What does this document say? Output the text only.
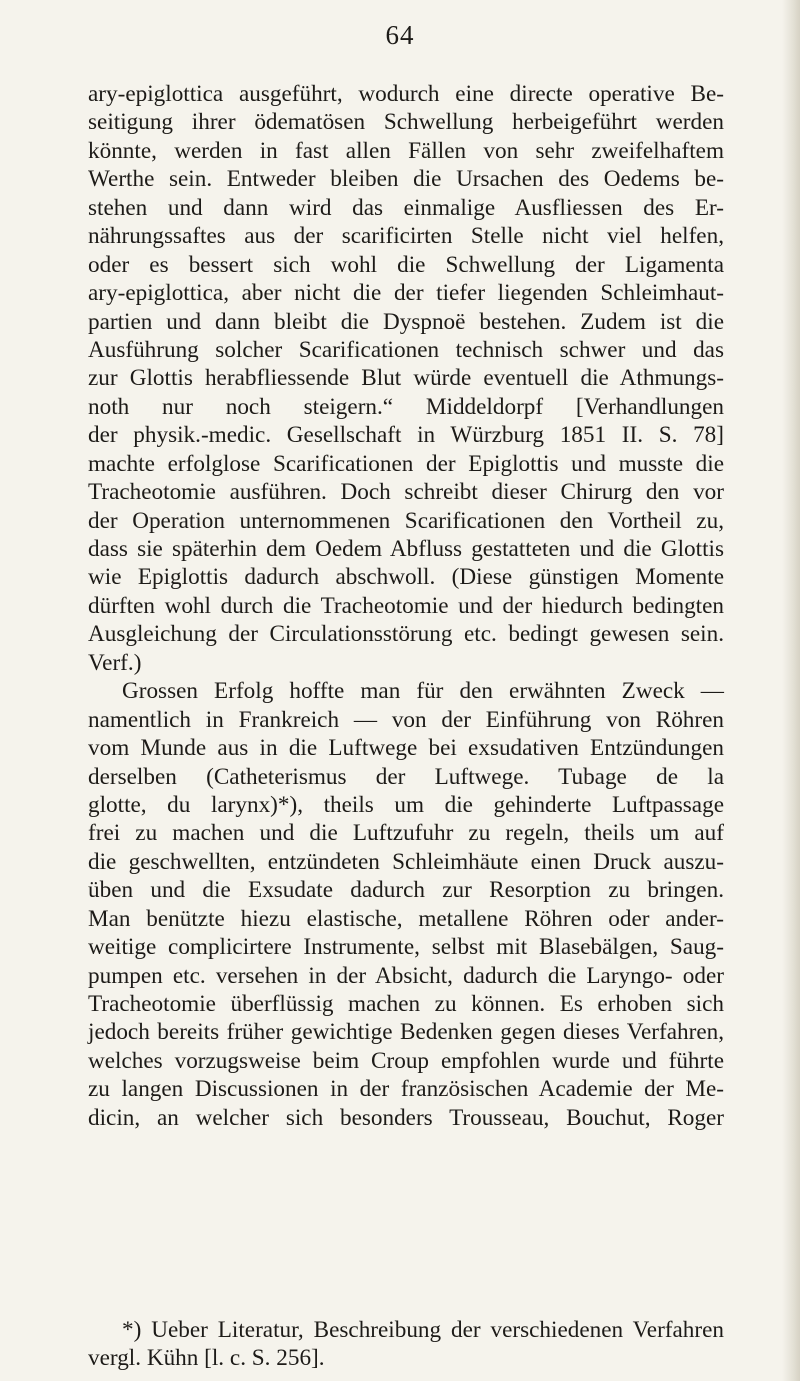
64
ary-epiglottica ausgeführt, wodurch eine directe operative Be-
seitigung ihrer ödematösen Schwellung herbeigeführt werden
könnte, werden in fast allen Fällen von sehr zweifelhaftem
Werthe sein. Entweder bleiben die Ursachen des Oedems be-
stehen und dann wird das einmalige Ausfliessen des Er-
nährungssaftes aus der scarificirten Stelle nicht viel helfen,
oder es bessert sich wohl die Schwellung der Ligamenta
ary-epiglottica, aber nicht die der tiefer liegenden Schleimhaut-
partien und dann bleibt die Dyspnoë bestehen. Zudem ist die
Ausführung solcher Scarificationen technisch schwer und das
zur Glottis herabfliessende Blut würde eventuell die Athmungs-
noth nur noch steigern.“ Middeldorpf [Verhandlungen
der physik.-medic. Gesellschaft in Würzburg 1851 II. S. 78]
machte erfolglose Scarificationen der Epiglottis und musste die
Tracheotomie ausführen. Doch schreibt dieser Chirurg den vor
der Operation unternommenen Scarificationen den Vortheil zu,
dass sie späterhin dem Oedem Abfluss gestatteten und die Glottis
wie Epiglottis dadurch abschwoll. (Diese günstigen Momente
dürften wohl durch die Tracheotomie und der hiedurch bedingten
Ausgleichung der Circulationsstörung etc. bedingt gewesen sein.
Verf.)
Grossen Erfolg hoffte man für den erwähnten Zweck —
namentlich in Frankreich — von der Einführung von Röhren
vom Munde aus in die Luftwege bei exsudativen Entzündungen
derselben (Catheterismus der Luftwege. Tubage de la
glotte, du larynx)*), theils um die gehinderte Luftpassage
frei zu machen und die Luftzufuhr zu regeln, theils um auf
die geschwellten, entzündeten Schleimhäute einen Druck auszu-
üben und die Exsudate dadurch zur Resorption zu bringen.
Man benützte hiezu elastische, metallene Röhren oder ander-
weitige complicirtere Instrumente, selbst mit Blasebälgen, Saug-
pumpen etc. versehen in der Absicht, dadurch die Laryngo- oder
Tracheotomie überflüssig machen zu können. Es erhoben sich
jedoch bereits früher gewichtige Bedenken gegen dieses Verfahren,
welches vorzugsweise beim Croup empfohlen wurde und führte
zu langen Discussionen in der französischen Academie der Me-
dicin, an welcher sich besonders Trousseau, Bouchut, Roger
*) Ueber Literatur, Beschreibung der verschiedenen Verfahren
vergl. Kühn [l. c. S. 256].
